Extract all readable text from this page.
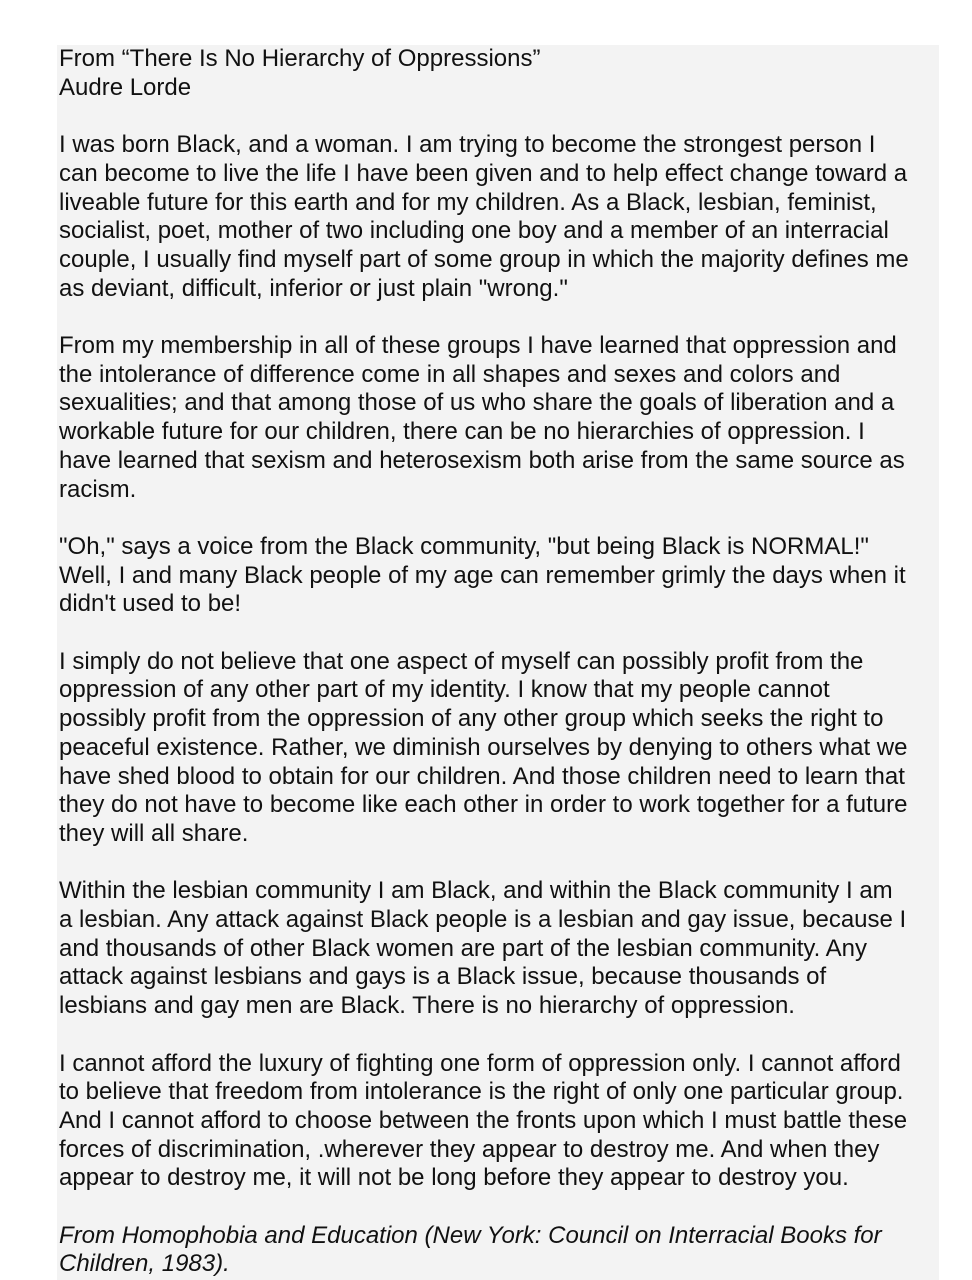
From “There Is No Hierarchy of Oppressions”

Audre Lorde

I was born Black, and a woman. I am trying to become the strongest person I
can become to live the life I have been given and to help effect change toward a
liveable future for this earth and for my children. As a Black, lesbian, feminist,
socialist, poet, mother of two including one boy and a member of an interracial
couple, I usually find myself part of some group in which the majority defines me
as deviant, difficult, inferior or just plain "wrong."

From my membership in all of these groups I have learned that oppression and
the intolerance of difference come in all shapes and sexes and colors and
sexualities; and that among those of us who share the goals of liberation and a
workable future for our children, there can be no hierarchies of oppression. I
have learned that sexism and heterosexism both arise from the same source as
racism.

"Oh," says a voice from the Black community, "but being Black is NORMAL!"
Well, I and many Black people of my age can remember grimly the days when it
didn't used to be!

I simply do not believe that one aspect of myself can possibly profit from the
oppression of any other part of my identity. I know that my people cannot
possibly profit from the oppression of any other group which seeks the right to
peaceful existence. Rather, we diminish ourselves by denying to others what we
have shed blood to obtain for our children. And those children need to learn that
they do not have to become like each other in order to work together for a future
they will all share.

Within the lesbian community I am Black, and within the Black community I am
a lesbian. Any attack against Black people is a lesbian and gay issue, because I
and thousands of other Black women are part of the lesbian community. Any
attack against lesbians and gays is a Black issue, because thousands of
lesbians and gay men are Black. There is no hierarchy of oppression.

I cannot afford the luxury of fighting one form of oppression only. I cannot afford
to believe that freedom from intolerance is the right of only one particular group.
And I cannot afford to choose between the fronts upon which I must battle these
forces of discrimination, .wherever they appear to destroy me. And when they
appear to destroy me, it will not be long before they appear to destroy you.

From Homophobia and Education (New York: Council on Interracial Books for
Children, 1983).
